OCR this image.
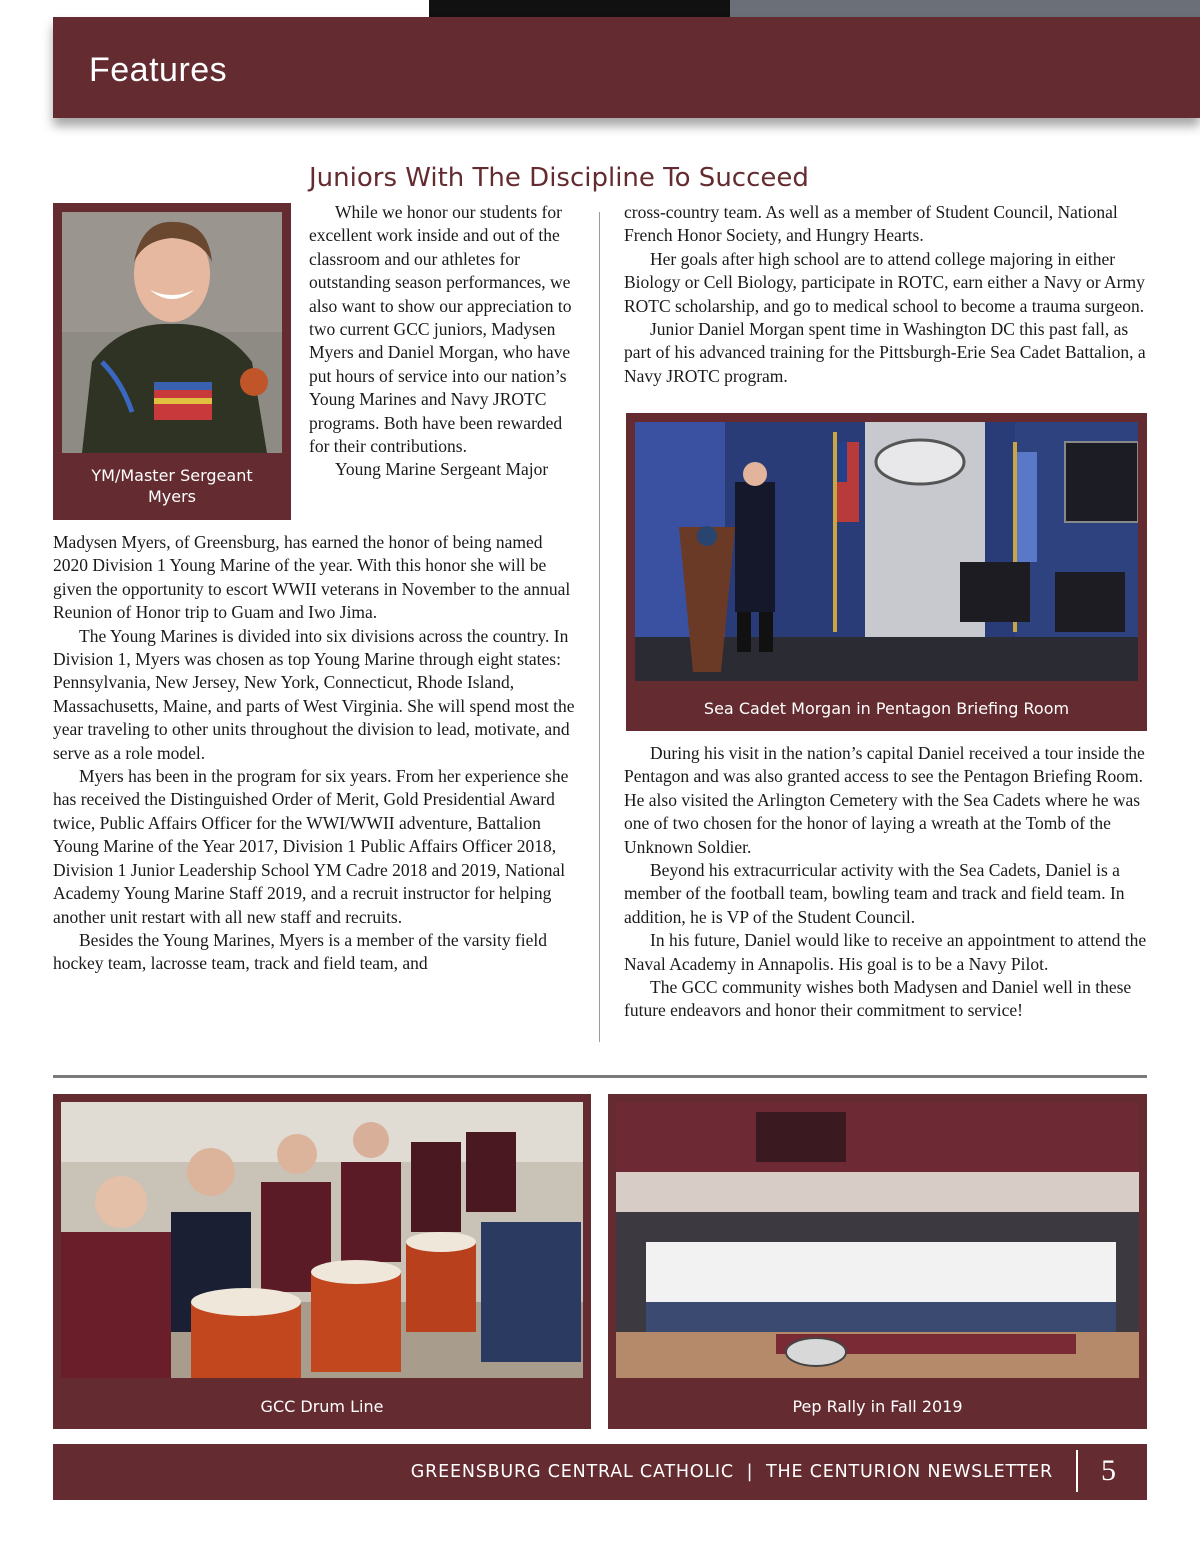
Features
Juniors With The Discipline To Succeed
YM/Master Sergeant Myers

While we honor our students for excellent work inside and out of the classroom and our athletes for outstanding season performances, we also want to show our appreciation to two current GCC juniors, Madysen Myers and Daniel Morgan, who have put hours of service into our nation’s Young Marines and Navy JROTC programs. Both have been rewarded for their contributions.

Young Marine Sergeant Major

Madysen Myers, of Greensburg, has earned the honor of being named 2020 Division 1 Young Marine of the year. With this honor she will be given the opportunity to escort WWII veterans in November to the annual Reunion of Honor trip to Guam and Iwo Jima.

The Young Marines is divided into six divisions across the country. In Division 1, Myers was chosen as top Young Marine through eight states: Pennsylvania, New Jersey, New York, Connecticut, Rhode Island, Massachusetts, Maine, and parts of West Virginia. She will spend most the year traveling to other units throughout the division to lead, motivate, and serve as a role model.

Myers has been in the program for six years. From her experience she has received the Distinguished Order of Merit, Gold Presidential Award twice, Public Affairs Officer for the WWI/WWII adventure, Battalion Young Marine of the Year 2017, Division 1 Public Affairs Officer 2018, Division 1 Junior Leadership School YM Cadre 2018 and 2019, National Academy Young Marine Staff 2019, and a recruit instructor for helping another unit restart with all new staff and recruits.

Besides the Young Marines, Myers is a member of the varsity field hockey team, lacrosse team, track and field team, and

cross-country team. As well as a member of Student Council, National French Honor Society, and Hungry Hearts.

Her goals after high school are to attend college majoring in either Biology or Cell Biology, participate in ROTC, earn either a Navy or Army ROTC scholarship, and go to medical school to become a trauma surgeon.

Junior Daniel Morgan spent time in Washington DC this past fall, as part of his advanced training for the Pittsburgh-Erie Sea Cadet Battalion, a Navy JROTC program.

Sea Cadet Morgan in Pentagon Briefing Room

During his visit in the nation’s capital Daniel received a tour inside the Pentagon and was also granted access to see the Pentagon Briefing Room. He also visited the Arlington Cemetery with the Sea Cadets where he was one of two chosen for the honor of laying a wreath at the Tomb of the Unknown Soldier.

Beyond his extracurricular activity with the Sea Cadets, Daniel is a member of the football team, bowling team and track and field team. In addition, he is VP of the Student Council.

In his future, Daniel would like to receive an appointment to attend the Naval Academy in Annapolis. His goal is to be a Navy Pilot.

The GCC community wishes both Madysen and Daniel well in these future endeavors and honor their commitment to service!

GCC Drum Line	Pep Rally in Fall 2019
GREENSBURG CENTRAL CATHOLIC  |  THE CENTURION NEWSLETTER 5
